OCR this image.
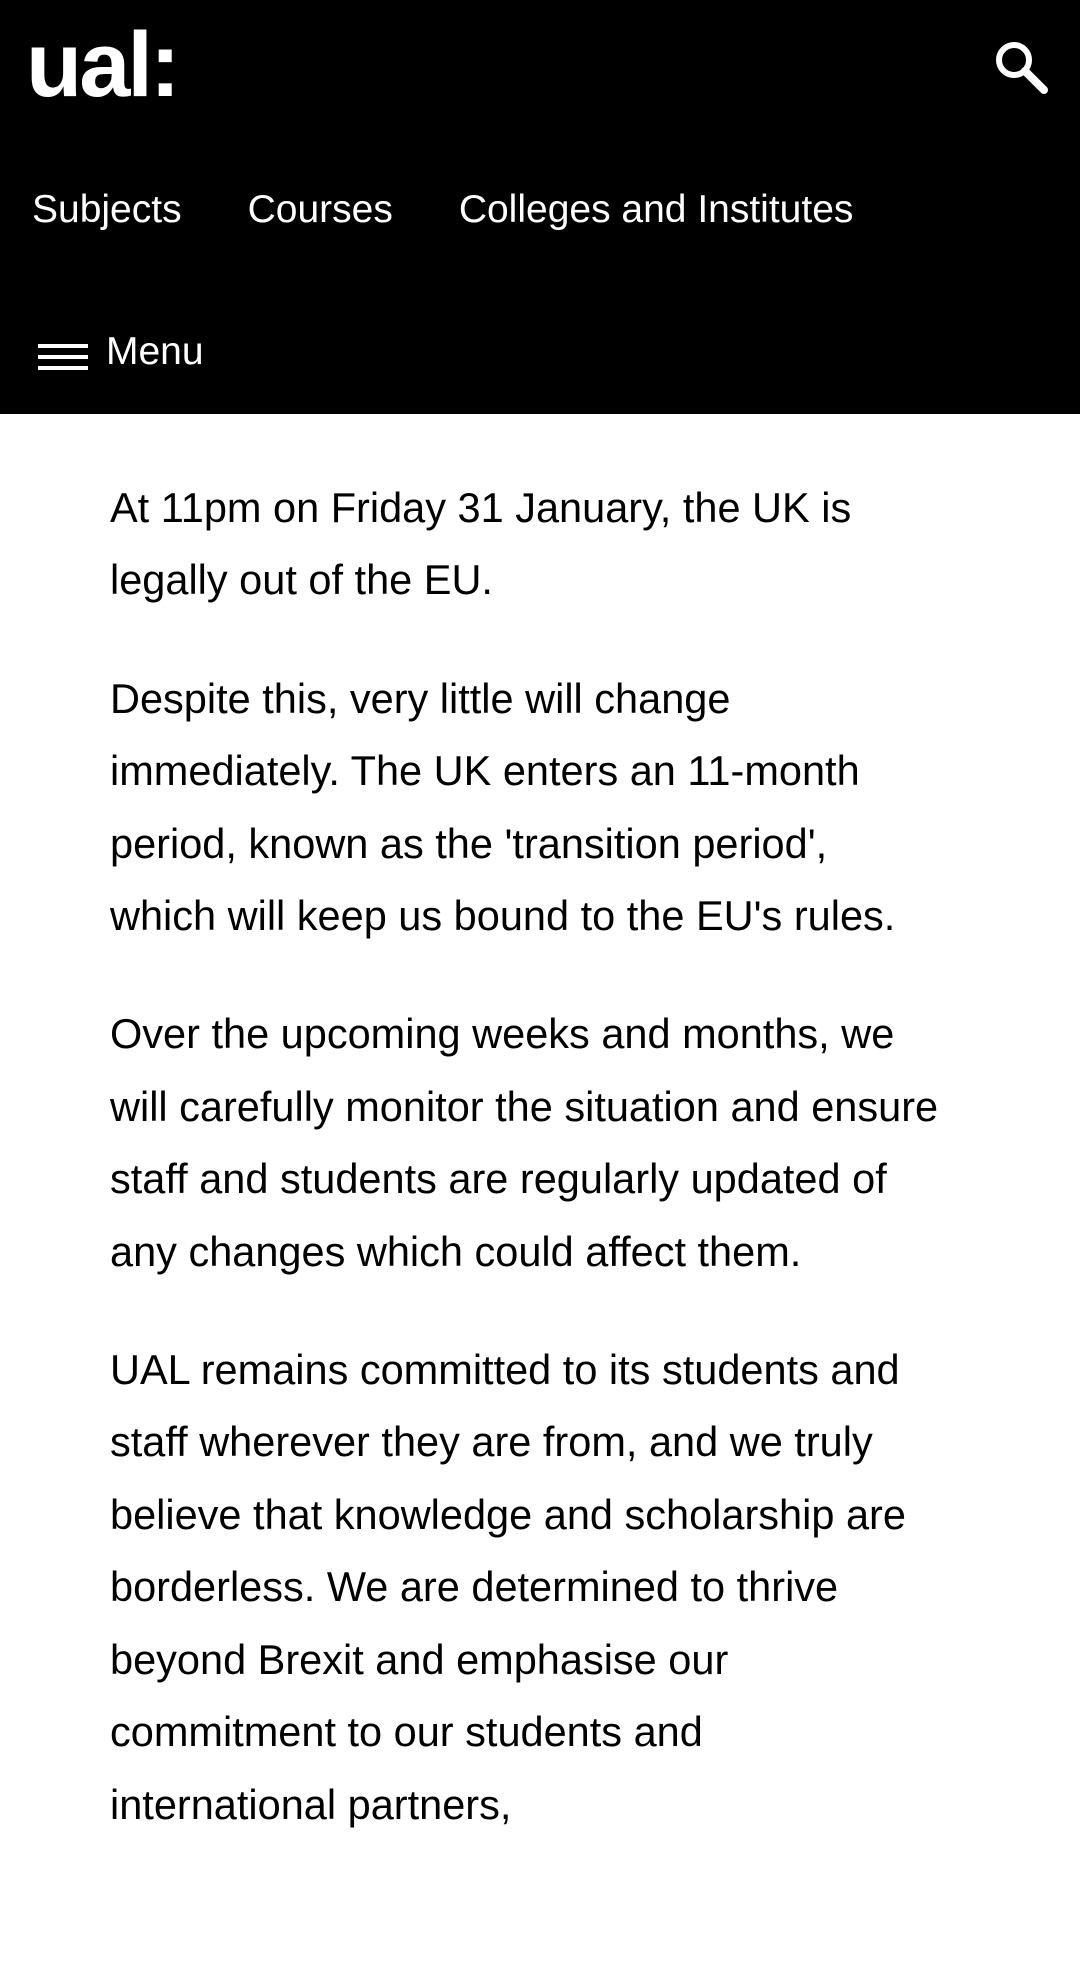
ual:
Subjects Courses Colleges and Institutes
Menu

At 11pm on Friday 31 January, the UK is legally out of the EU.

Despite this, very little will change immediately. The UK enters an 11-month period, known as the 'transition period', which will keep us bound to the EU's rules.

Over the upcoming weeks and months, we will carefully monitor the situation and ensure staff and students are regularly updated of any changes which could affect them.

UAL remains committed to its students and staff wherever they are from, and we truly believe that knowledge and scholarship are borderless. We are determined to thrive beyond Brexit and emphasise our commitment to our students and international partners,
